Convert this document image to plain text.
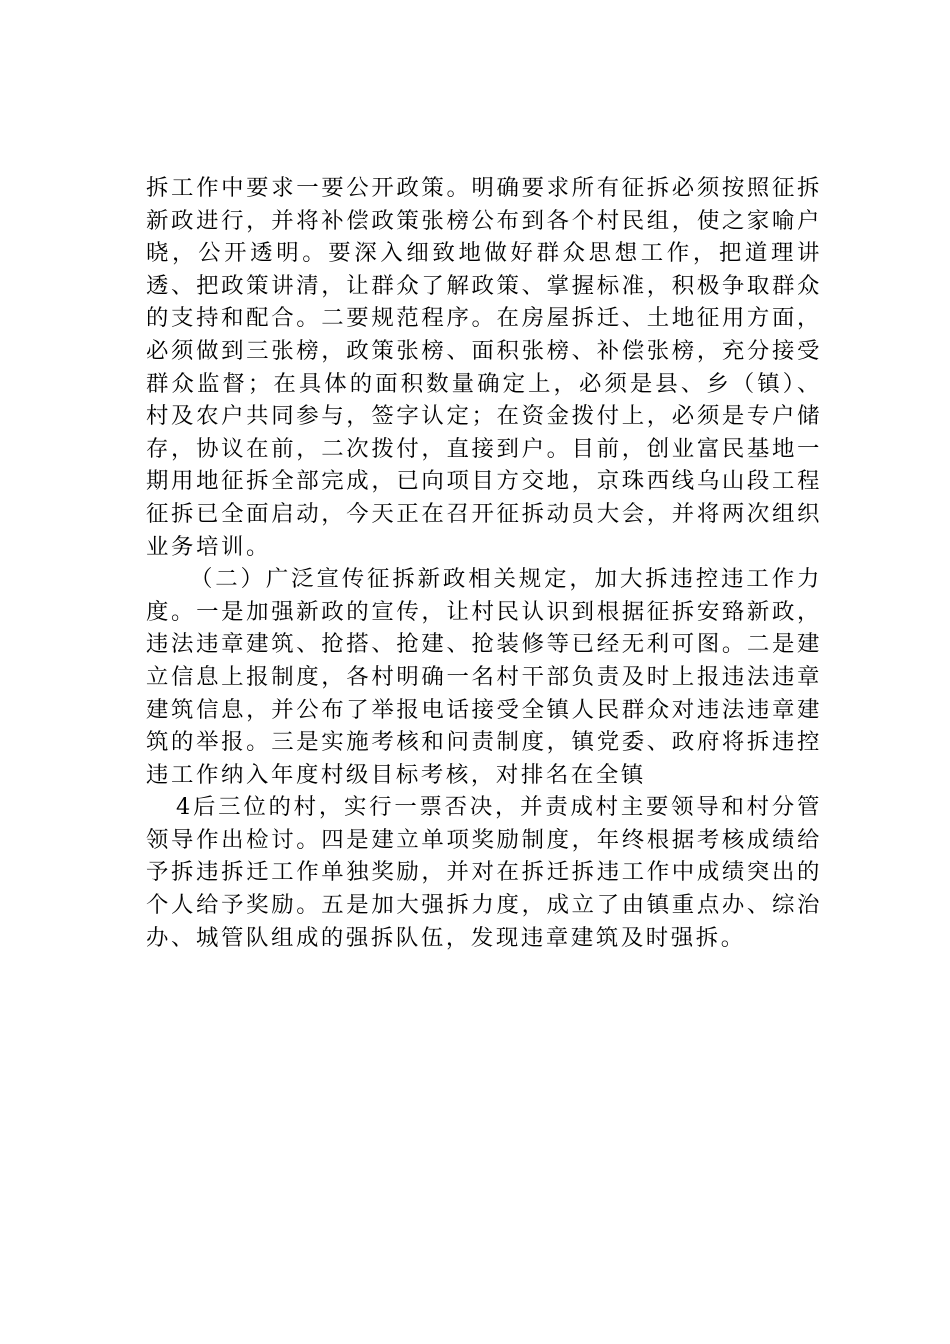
拆工作中要求一要公开政策。明确要求所有征拆必须按照征拆新政进行，并将补偿政策张榜公布到各个村民组，使之家喻户晓，公开透明。要深入细致地做好群众思想工作，把道理讲透、把政策讲清，让群众了解政策、掌握标准，积极争取群众的支持和配合。二要规范程序。在房屋拆迁、土地征用方面，必须做到三张榜，政策张榜、面积张榜、补偿张榜，充分接受群众监督；在具体的面积数量确定上，必须是县、乡（镇）、村及农户共同参与，签字认定；在资金拨付上，必须是专户储存，协议在前，二次拨付，直接到户。目前，创业富民基地一期用地征拆全部完成，已向项目方交地，京珠西线乌山段工程征拆已全面启动，今天正在召开征拆动员大会，并将两次组织业务培训。

（二）广泛宣传征拆新政相关规定，加大拆违控违工作力度。一是加强新政的宣传，让村民认识到根据征拆安臵新政，违法违章建筑、抢搭、抢建、抢装修等已经无利可图。二是建立信息上报制度，各村明确一名村干部负责及时上报违法违章建筑信息，并公布了举报电话接受全镇人民群众对违法违章建筑的举报。三是实施考核和问责制度，镇党委、政府将拆违控违工作纳入年度村级目标考核，对排名在全镇

4后三位的村，实行一票否决，并责成村主要领导和村分管领导作出检讨。四是建立单项奖励制度，年终根据考核成绩给予拆违拆迁工作单独奖励，并对在拆迁拆违工作中成绩突出的个人给予奖励。五是加大强拆力度，成立了由镇重点办、综治办、城管队组成的强拆队伍，发现违章建筑及时强拆。
